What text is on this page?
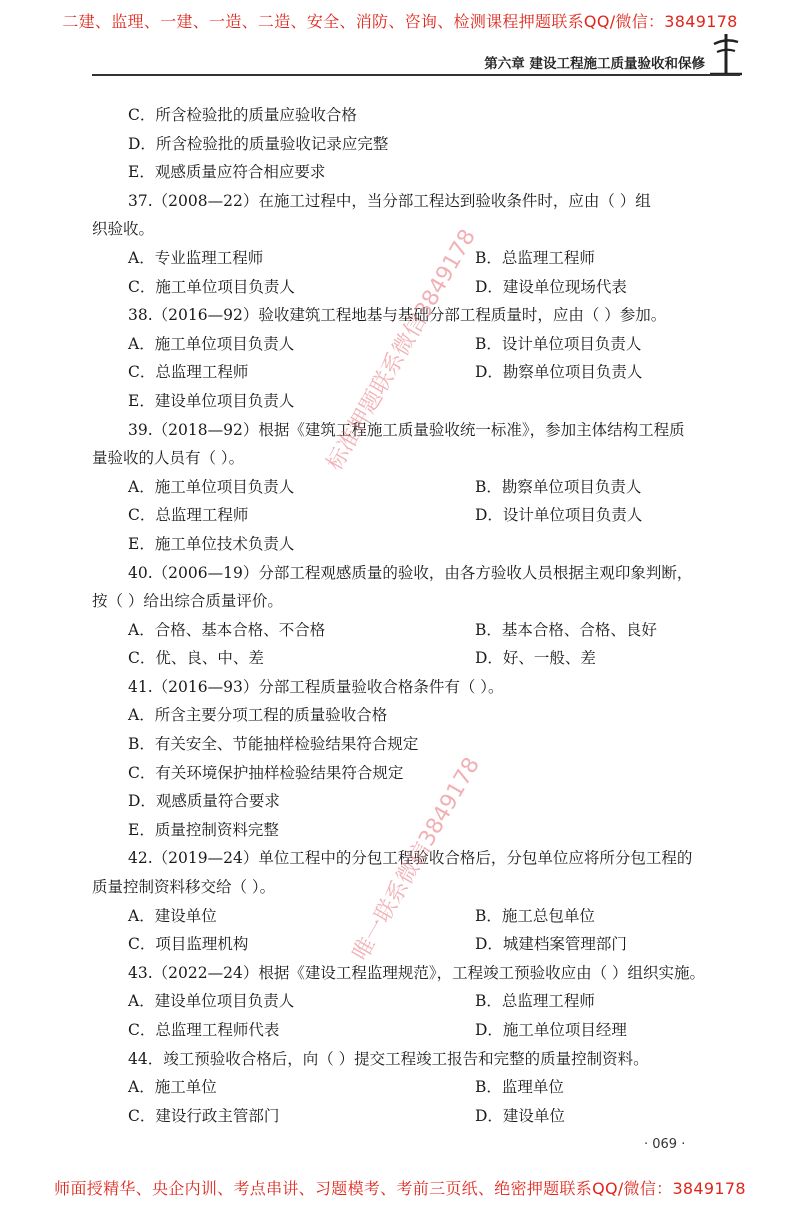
二建、监理、一建、一造、二造、安全、消防、咨询、检测课程押题联系QQ/微信：3849178
第六章 建设工程施工质量验收和保修
C．所含检验批的质量应验收合格
D．所含检验批的质量验收记录应完整
E．观感质量应符合相应要求
37.（2008—22）在施工过程中，当分部工程达到验收条件时，应由（ ）组
织验收。
A．专业监理工程师	B．总监理工程师
C．施工单位项目负责人	D．建设单位现场代表
38.（2016—92）验收建筑工程地基与基础分部工程质量时，应由（ ）参加。
A．施工单位项目负责人	B．设计单位项目负责人
C．总监理工程师	D．勘察单位项目负责人
E．建设单位项目负责人
39.（2018—92）根据《建筑工程施工质量验收统一标准》，参加主体结构工程质
量验收的人员有（ ）。
A．施工单位项目负责人	B．勘察单位项目负责人
C．总监理工程师	D．设计单位项目负责人
E．施工单位技术负责人
40.（2006—19）分部工程观感质量的验收，由各方验收人员根据主观印象判断，
按（ ）给出综合质量评价。
A．合格、基本合格、不合格	B．基本合格、合格、良好
C．优、良、中、差	D．好、一般、差
41.（2016—93）分部工程质量验收合格条件有（ ）。
A．所含主要分项工程的质量验收合格
B．有关安全、节能抽样检验结果符合规定
C．有关环境保护抽样检验结果符合规定
D．观感质量符合要求
E．质量控制资料完整
42.（2019—24）单位工程中的分包工程验收合格后，分包单位应将所分包工程的
质量控制资料移交给（ ）。
A．建设单位	B．施工总包单位
C．项目监理机构	D．城建档案管理部门
43.（2022—24）根据《建设工程监理规范》，工程竣工预验收应由（ ）组织实施。
A．建设单位项目负责人	B．总监理工程师
C．总监理工程师代表	D．施工单位项目经理
44．竣工预验收合格后，向（ ）提交工程竣工报告和完整的质量控制资料。
A．施工单位	B．监理单位
C．建设行政主管部门	D．建设单位
标准押题联系微信3849178
唯一联系微信3849178
· 069 ·
师面授精华、央企内训、考点串讲、习题模考、考前三页纸、绝密押题联系QQ/微信：3849178
